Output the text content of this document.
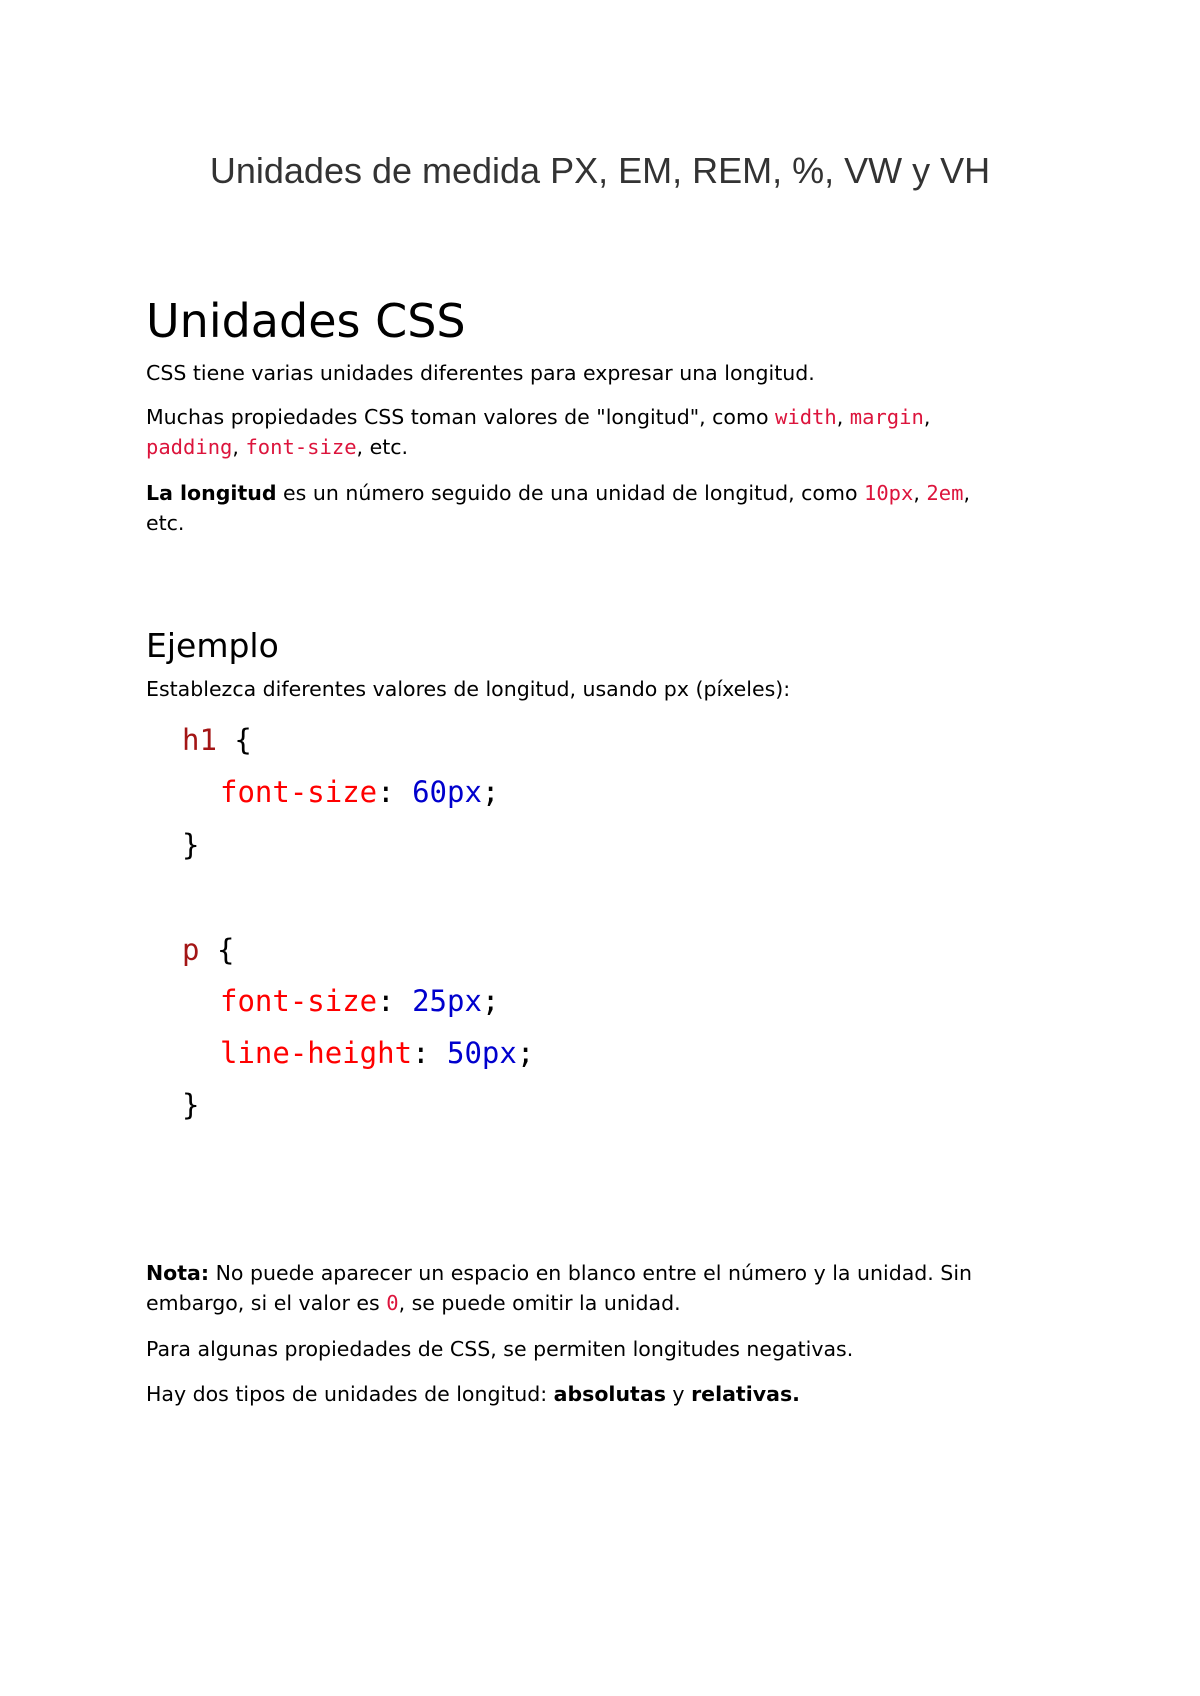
Unidades de medida PX, EM, REM, %, VW y VH
Unidades CSS

CSS tiene varias unidades diferentes para expresar una longitud.

Muchas propiedades CSS toman valores de "longitud", como width, margin,
padding, font-size, etc.

La longitud es un número seguido de una unidad de longitud, como 10px, 2em,
etc.

Ejemplo

Establezca diferentes valores de longitud, usando px (píxeles):

h1 {
font-size: 60px;
}
p {
font-size: 25px;
line-height: 50px;
}

Nota: No puede aparecer un espacio en blanco entre el número y la unidad. Sin embargo, si el valor es 0, se puede omitir la unidad.

Para algunas propiedades de CSS, se permiten longitudes negativas.

Hay dos tipos de unidades de longitud: absolutas y relativas.
